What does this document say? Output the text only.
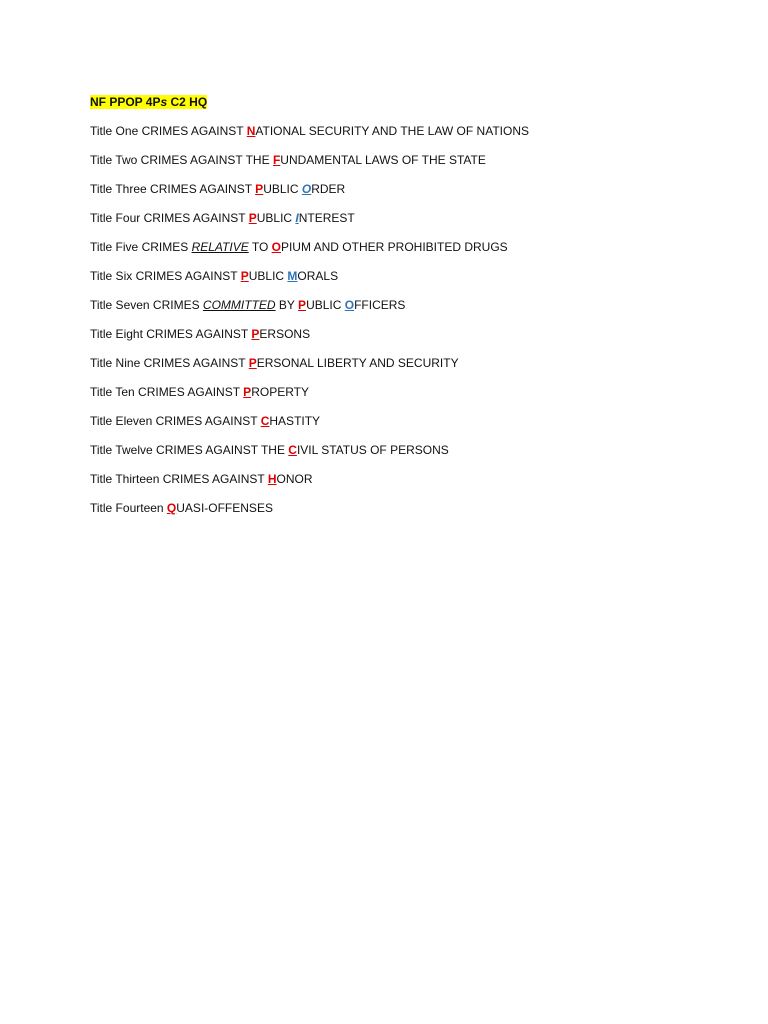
NF PPOP 4Ps C2 HQ
Title One CRIMES AGAINST NATIONAL SECURITY AND THE LAW OF NATIONS
Title Two CRIMES AGAINST THE FUNDAMENTAL LAWS OF THE STATE
Title Three CRIMES AGAINST PUBLIC ORDER
Title Four CRIMES AGAINST PUBLIC INTEREST
Title Five CRIMES RELATIVE TO OPIUM AND OTHER PROHIBITED DRUGS
Title Six CRIMES AGAINST PUBLIC MORALS
Title Seven CRIMES COMMITTED BY PUBLIC OFFICERS
Title Eight CRIMES AGAINST PERSONS
Title Nine CRIMES AGAINST PERSONAL LIBERTY AND SECURITY
Title Ten CRIMES AGAINST PROPERTY
Title Eleven CRIMES AGAINST CHASTITY
Title Twelve CRIMES AGAINST THE CIVIL STATUS OF PERSONS
Title Thirteen CRIMES AGAINST HONOR
Title Fourteen QUASI-OFFENSES
